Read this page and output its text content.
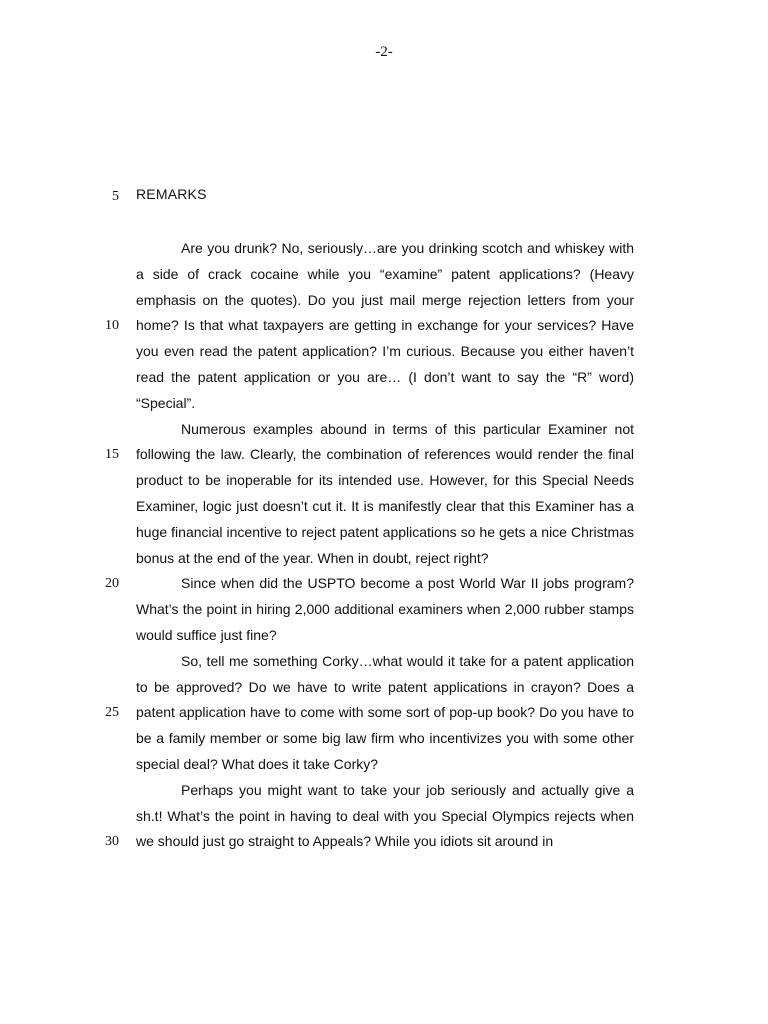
-2-
5
10
15
20
25
30
REMARKS

Are you drunk? No, seriously…are you drinking scotch and whiskey with a side of crack cocaine while you “examine” patent applications? (Heavy emphasis on the quotes). Do you just mail merge rejection letters from your home? Is that what taxpayers are getting in exchange for your services? Have you even read the patent application? I’m curious. Because you either haven’t read the patent application or you are… (I don’t want to say the “R” word) “Special”.

Numerous examples abound in terms of this particular Examiner not following the law. Clearly, the combination of references would render the final product to be inoperable for its intended use. However, for this Special Needs Examiner, logic just doesn’t cut it. It is manifestly clear that this Examiner has a huge financial incentive to reject patent applications so he gets a nice Christmas bonus at the end of the year. When in doubt, reject right?

Since when did the USPTO become a post World War II jobs program? What’s the point in hiring 2,000 additional examiners when 2,000 rubber stamps would suffice just fine?

So, tell me something Corky…what would it take for a patent application to be approved? Do we have to write patent applications in crayon? Does a patent application have to come with some sort of pop-up book? Do you have to be a family member or some big law firm who incentivizes you with some other special deal? What does it take Corky?

Perhaps you might want to take your job seriously and actually give a sh.t! What’s the point in having to deal with you Special Olympics rejects when we should just go straight to Appeals? While you idiots sit around in
